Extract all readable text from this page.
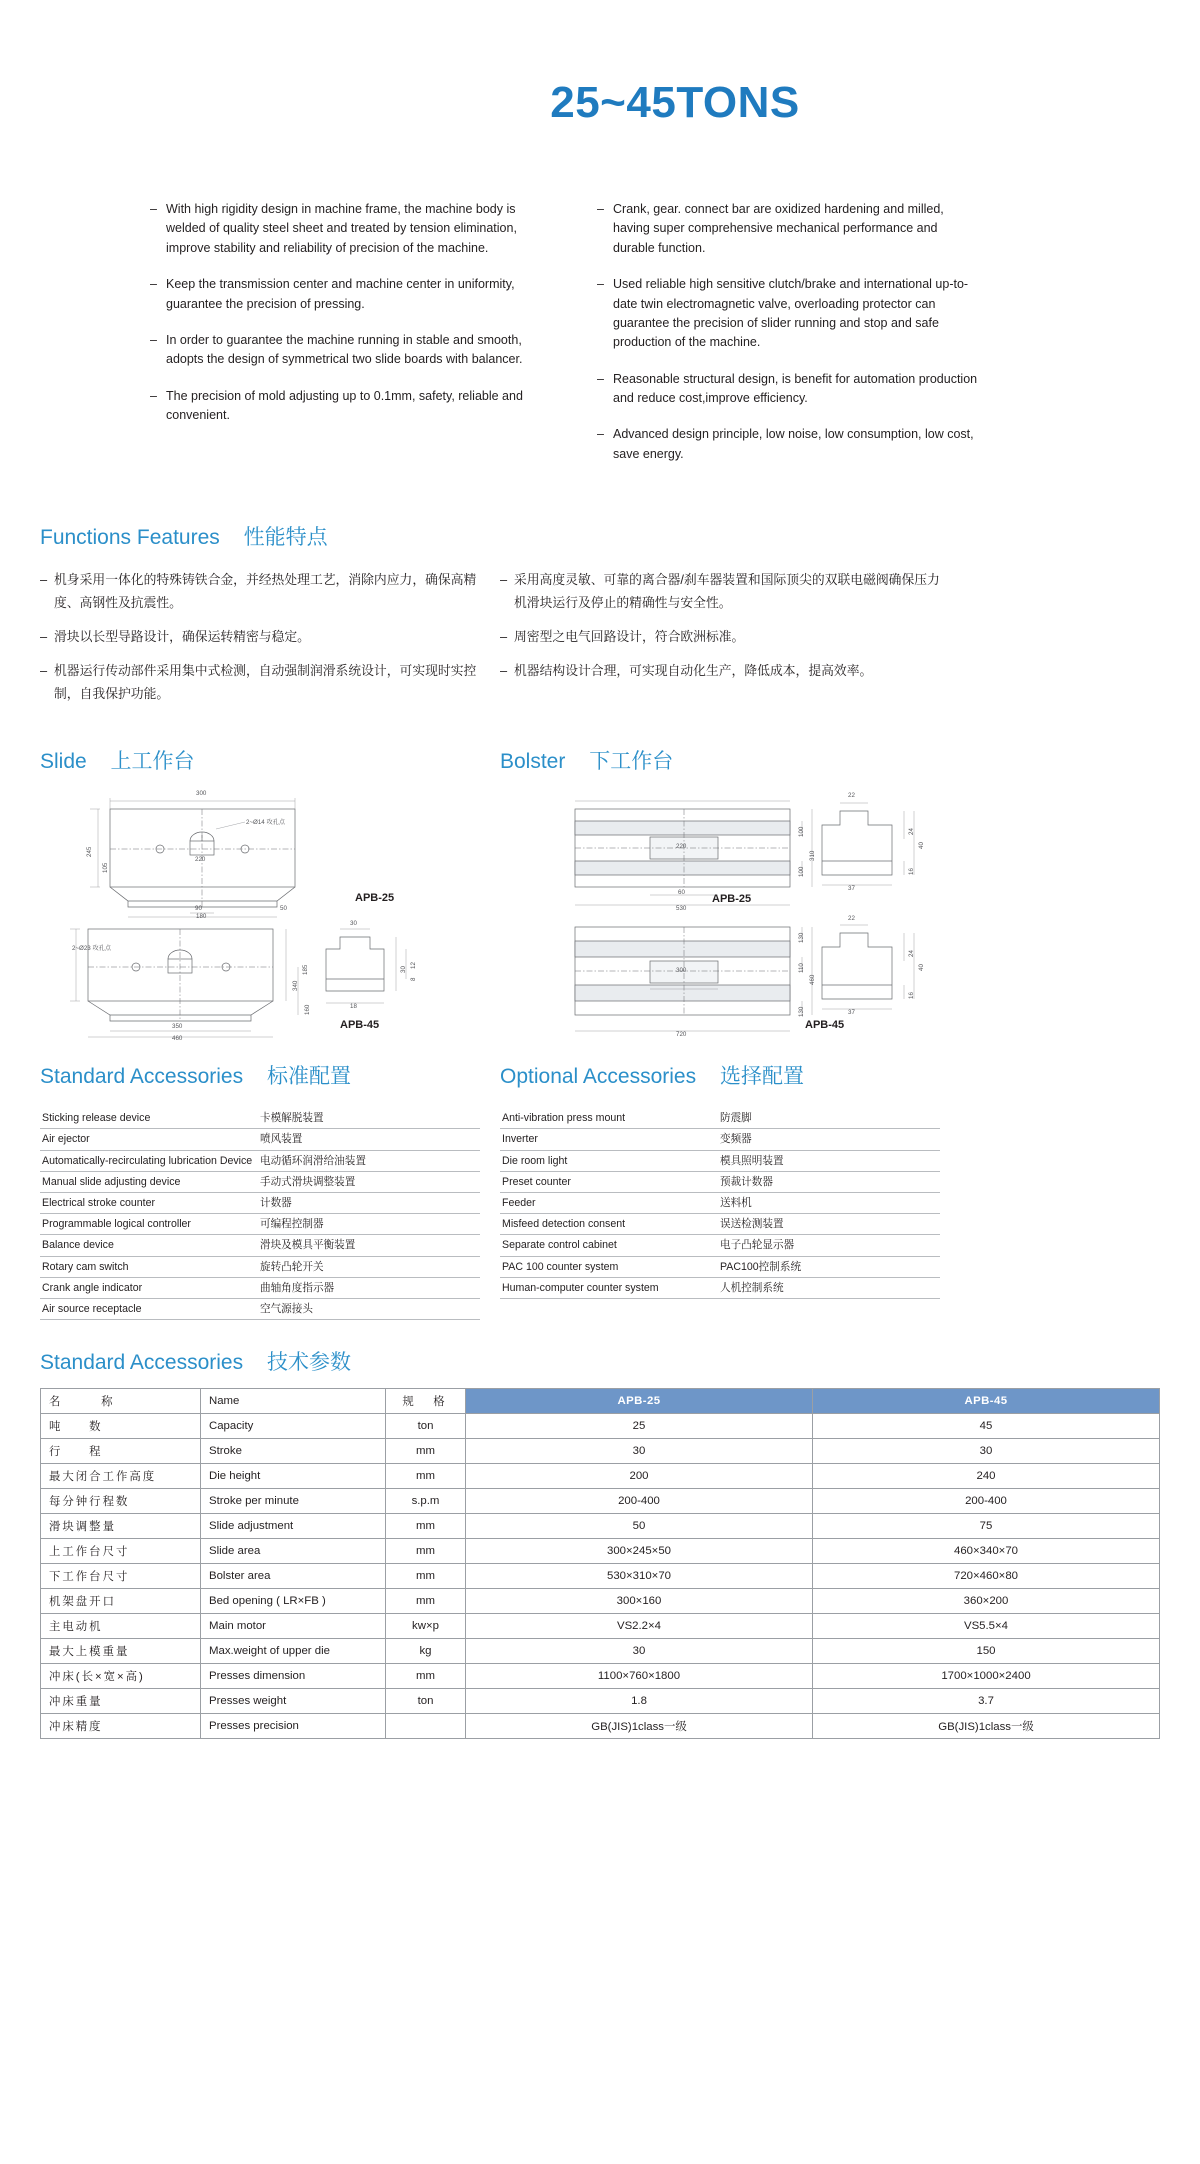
25~45TONS
– With high rigidity design in machine frame, the machine body is welded of quality steel sheet and treated by tension elimination, improve stability and reliability of precision of the machine.
– Keep the transmission center and machine center in uniformity, guarantee the precision of pressing.
– In order to guarantee the machine running in stable and smooth, adopts the design of symmetrical two slide boards with balancer.
– The precision of mold adjusting up to 0.1mm, safety, reliable and convenient.
– Crank, gear. connect bar are oxidized hardening and milled, having super comprehensive mechanical performance and durable function.
– Used reliable high sensitive clutch/brake and international up-to-date twin electromagnetic valve, overloading protector can guarantee the precision of slider running and stop and safe production of the machine.
– Reasonable structural design, is benefit for automation production and reduce cost,improve efficiency.
– Advanced design principle, low noise, low consumption, low cost, save energy.
Functions Features 性能特点
– 机身采用一体化的特殊铸铁合金，并经热处理工艺，消除内应力，确保高精度、高钢性及抗震性。
– 滑块以长型导路设计，确保运转精密与稳定。
– 机器运行传动部件采用集中式检测，自动强制润滑系统设计，可实现时实控制，自我保护功能。
– 采用高度灵敏、可靠的离合器/刹车器装置和国际顶尖的双联电磁阀确保压力机滑块运行及停止的精确性与安全性。
– 周密型之电气回路设计，符合欧洲标准。
– 机器结构设计合理，可实现自动化生产，降低成本，提高效率。
Slide 上工作台	Bolster 下工作台
300
245
105
2~Ø14 攻孔点
220
90
180
50
APB-25
2~Ø23 攻孔点
340
185
160
350
460
30
30
12
8
18
APB-45
100
100
310
220
60
530
22
24
40
16
37
APB-25
130
110
130
460
300
720
22
24
40
16
37
APB-45
Standard Accessories 标准配置	Optional Accessories 选择配置
Sticking release device	卡模解脱装置
Air ejector	喷风装置
Automatically-recirculating lubrication Device	电动循环润滑给油装置
Manual slide adjusting device	手动式滑块调整装置
Electrical stroke counter	计数器
Programmable logical controller	可编程控制器
Balance device	滑块及模具平衡装置
Rotary cam switch	旋转凸轮开关
Crank angle indicator	曲轴角度指示器
Air source receptacle	空气源接头
Anti-vibration press mount	防震脚
Inverter	变频器
Die room light	模具照明装置
Preset counter	预裁计数器
Feeder	送料机
Misfeed detection consent	误送检测装置
Separate control cabinet	电子凸轮显示器
PAC 100 counter system	PAC100控制系统
Human-computer counter system	人机控制系统
Standard Accessories 技术参数
名　　称	Name	规　格	APB-25	APB-45
吨　　数	Capacity	ton	25	45
行　　程	Stroke	mm	30	30
最大闭合工作高度	Die height	mm	200	240
每分钟行程数	Stroke per minute	s.p.m	200-400	200-400
滑块调整量	Slide adjustment	mm	50	75
上工作台尺寸	Slide area	mm	300×245×50	460×340×70
下工作台尺寸	Bolster area	mm	530×310×70	720×460×80
机架盘开口	Bed opening ( LR×FB )	mm	300×160	360×200
主电动机	Main motor	kw×p	VS2.2×4	VS5.5×4
最大上模重量	Max.weight of upper die	kg	30	150
冲床(长×宽×高)	Presses dimension	mm	1100×760×1800	1700×1000×2400
冲床重量	Presses weight	ton	1.8	3.7
冲床精度	Presses precision		GB(JIS)1class一级	GB(JIS)1class一级
